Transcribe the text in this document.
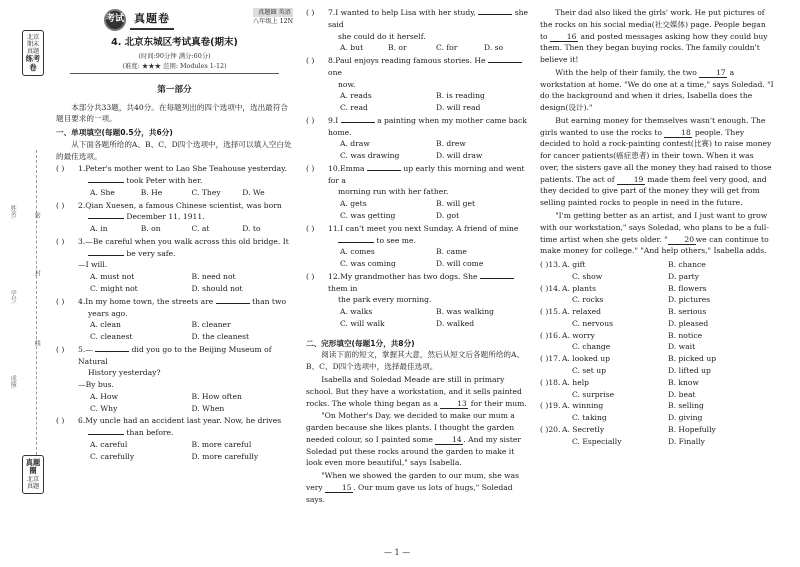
北京期末真题
练考卷
姓名:
学号:
成绩:
密
封
线
真题圈
北京真题
考试 真题卷	真题圈 英语
八年级上 12N
4. 北京东城区考试真卷(期末)
(时间:90分钟 满分:60分)
(难度: ★★★ 范围: Modules 1-12)
第一部分
本部分共33题，共40分。在每题列出的四个选项中，选出最符合题目要求的一项。
一、单项填空(每题0.5分，共6分)
从下面各题所给的A、B、C、D四个选项中，选择可以填入空白处的最佳选项。
( )	1.Peter's mother went to Lao She Teahouse yesterday.
took Peter with her.
A. She	B. He	C. They	D. We
( )	2.Qian Xuesen, a famous Chinese scientist, was born
December 11, 1911.
A. in	B. on	C. at	D. to
( )	3.—Be careful when you walk across this old bridge. It
be very safe.
—I will.
A. must not	B. need not
C. might not	D. should not
( )	4.In my home town, the streets are	than two
years ago.
A. clean	B. cleaner
C. cleanest	D. the cleanest
( )	5.—	did you go to the Beijing Museum of Natural
History yesterday?
—By bus.
A. How	B. How often
C. Why	D. When
( )	6.My uncle had an accident last year. Now, he drives
than before.
A. careful	B. more careful
C. carefully	D. more carefully
( )	7.I wanted to help Lisa with her study,	she said
she could do it herself.
A. but	B. or	C. for	D. so
( )	8.Paul enjoys reading famous stories. He  one
now.
A. reads	B. is reading
C. read	D. will read
( )	9.I	a painting when my mother came back home.
A. draw	B. drew
C. was drawing	D. will draw
( )	10.Emma	up early this morning and went for a
morning run with her father.
A. gets	B. will get
C. was getting	D. got
( )	11.I can't meet you next Sunday. A friend of mine
to see me.
A. comes	B. came
C. was coming	D. will come
( )	12.My grandmother has two dogs. She  them in
the park every morning.
A. walks	B. was walking
C. will walk	D. walked
二、完形填空(每题1分，共8分)
阅读下面的短文，掌握其大意，然后从短文后各题所给的A、B、C、D四个选项中，选择最佳选项。
Isabella and Soledad Meade are still in primary school. But they have a workstation, and it sells painted rocks. The whole thing began as a	13 for their mum.
"On Mother's Day, we decided to make our mum a garden because she likes plants. I thought the garden needed colour, so I painted some	14 . And my sister Soledad put these rocks around the garden to make it look even more beautiful," says Isabella.
"When we showed the garden to our mum, she was very	15 . Our mum gave us lots of hugs," Soledad says.
Their dad also liked the girls' work. He put pictures of the rocks on his social media(社交媒体) page. People began to	16 and posted messages asking how they could buy them. Then they began buying rocks. The family couldn't believe it!
With the help of their family, the two	17 a workstation at home. "We do one at a time," says Soledad. "I do the background and when it dries, Isabella does the design(设计)."
But earning money for themselves wasn't enough. The girls wanted to use the rocks to	18 people. They decided to hold a rock-painting contest(比赛) to raise money for cancer patients(癌症患者) in their town. When it was over, the sisters gave all the money they had raised to those patients. The act of	19 made them feel very good, and they decided to give part of the money they will get from selling painted rocks to people in need in the future.
"I'm getting better as an artist, and I just want to grow with our workstation," says Soledad, who plans to be a full-time artist when she gets older. " 20 we can continue to make money for college." "And help others," Isabella adds.
( )13. A. gift	B. chance
C. show	D. party
( )14. A. plants	B. flowers
C. rocks	D. pictures
( )15. A. relaxed	B. serious
C. nervous	D. pleased
( )16. A. worry	B. notice
C. change	D. wait
( )17. A. looked up	B. picked up
C. set up	D. lifted up
( )18. A. help	B. know
C. surprise	D. beat
( )19. A. winning	B. selling
C. taking	D. giving
( )20. A. Secretly	B. Hopefully
C. Especially	D. Finally
— 1 —
